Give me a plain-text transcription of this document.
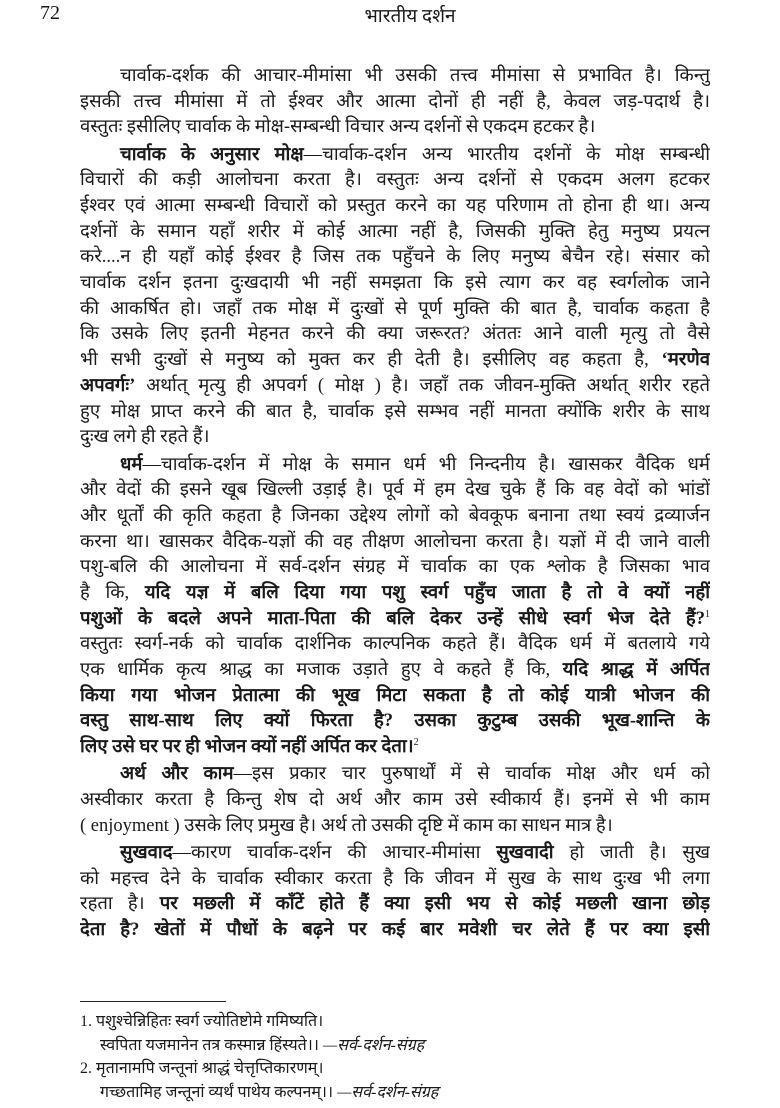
72	भारतीय दर्शन
चार्वाक-दर्शक की आचार-मीमांसा भी उसकी तत्त्व मीमांसा से प्रभावित है। किन्तु
इसकी तत्त्व मीमांसा में तो ईश्वर और आत्मा दोनों ही नहीं है, केवल जड़-पदार्थ है।
वस्तुतः इसीलिए चार्वाक के मोक्ष-सम्बन्धी विचार अन्य दर्शनों से एकदम हटकर है।
चार्वाक के अनुसार मोक्ष—चार्वाक-दर्शन अन्य भारतीय दर्शनों के मोक्ष सम्बन्धी
विचारों की कड़ी आलोचना करता है। वस्तुतः अन्य दर्शनों से एकदम अलग हटकर
ईश्वर एवं आत्मा सम्बन्धी विचारों को प्रस्तुत करने का यह परिणाम तो होना ही था। अन्य
दर्शनों के समान यहाँ शरीर में कोई आत्मा नहीं है, जिसकी मुक्ति हेतु मनुष्य प्रयत्न
करे....न ही यहाँ कोई ईश्वर है जिस तक पहुँचने के लिए मनुष्य बेचैन रहे। संसार को
चार्वाक दर्शन इतना दुःखदायी भी नहीं समझता कि इसे त्याग कर वह स्वर्गलोक जाने
की आकर्षित हो। जहाँ तक मोक्ष में दुःखों से पूर्ण मुक्ति की बात है, चार्वाक कहता है
कि उसके लिए इतनी मेहनत करने की क्या जरूरत? अंततः आने वाली मृत्यु तो वैसे
भी सभी दुःखों से मनुष्य को मुक्त कर ही देती है। इसीलिए वह कहता है, ‘मरणेव
अपवर्गः’ अर्थात् मृत्यु ही अपवर्ग ( मोक्ष ) है। जहाँ तक जीवन-मुक्ति अर्थात् शरीर रहते
हुए मोक्ष प्राप्त करने की बात है, चार्वाक इसे सम्भव नहीं मानता क्योंकि शरीर के साथ
दुःख लगे ही रहते हैं।
धर्म—चार्वाक-दर्शन में मोक्ष के समान धर्म भी निन्दनीय है। खासकर वैदिक धर्म
और वेदों की इसने खूब खिल्ली उड़ाई है। पूर्व में हम देख चुके हैं कि वह वेदों को भांडों
और धूर्तों की कृति कहता है जिनका उद्देश्य लोगों को बेवकूफ बनाना तथा स्वयं द्रव्यार्जन
करना था। खासकर वैदिक-यज्ञों की वह तीक्षण आलोचना करता है। यज्ञों में दी जाने वाली
पशु-बलि की आलोचना में सर्व-दर्शन संग्रह में चार्वाक का एक श्लोक है जिसका भाव
है कि, यदि यज्ञ में बलि दिया गया पशु स्वर्ग पहुँच जाता है तो वे क्यों नहीं
पशुओं के बदले अपने माता-पिता की बलि देकर उन्हें सीधे स्वर्ग भेज देते हैं?$^1$
वस्तुतः स्वर्ग-नर्क को चार्वाक दार्शनिक काल्पनिक कहते हैं। वैदिक धर्म में बतलाये गये
एक धार्मिक कृत्य श्राद्ध का मजाक उड़ाते हुए वे कहते हैं कि, यदि श्राद्ध में अर्पित
किया गया भोजन प्रेतात्मा की भूख मिटा सकता है तो कोई यात्री भोजन की
वस्तु साथ-साथ लिए क्यों फिरता है? उसका कुटुम्ब उसकी भूख-शान्ति के
लिए उसे घर पर ही भोजन क्यों नहीं अर्पित कर देता।$^2$
अर्थ और काम—इस प्रकार चार पुरुषार्थों में से चार्वाक मोक्ष और धर्म को
अस्वीकार करता है किन्तु शेष दो अर्थ और काम उसे स्वीकार्य हैं। इनमें से भी काम
( enjoyment ) उसके लिए प्रमुख है। अर्थ तो उसकी दृष्टि में काम का साधन मात्र है।
सुखवाद—कारण चार्वाक-दर्शन की आचार-मीमांसा सुखवादी हो जाती है। सुख
को महत्त्व देने के चार्वाक स्वीकार करता है कि जीवन में सुख के साथ दुःख भी लगा
रहता है। पर मछली में काँटें होते हैं क्या इसी भय से कोई मछली खाना छोड़
देता है? खेतों में पौधों के बढ़ने पर कई बार मवेशी चर लेते हैं पर क्या इसी
1. पशुश्चेन्निहितः स्वर्ग ज्योतिष्टोमे गमिष्यति।
स्वपिता यजमानेन तत्र कस्मान्न हिंस्यते।। —सर्व-दर्शन-संग्रह
2. मृतानामपि जन्तूनां श्राद्धं चेत्तृप्तिकारणम्।
गच्छतामिह जन्तूनां व्यर्थं पाथेय कल्पनम्।। —सर्व-दर्शन-संग्रह
